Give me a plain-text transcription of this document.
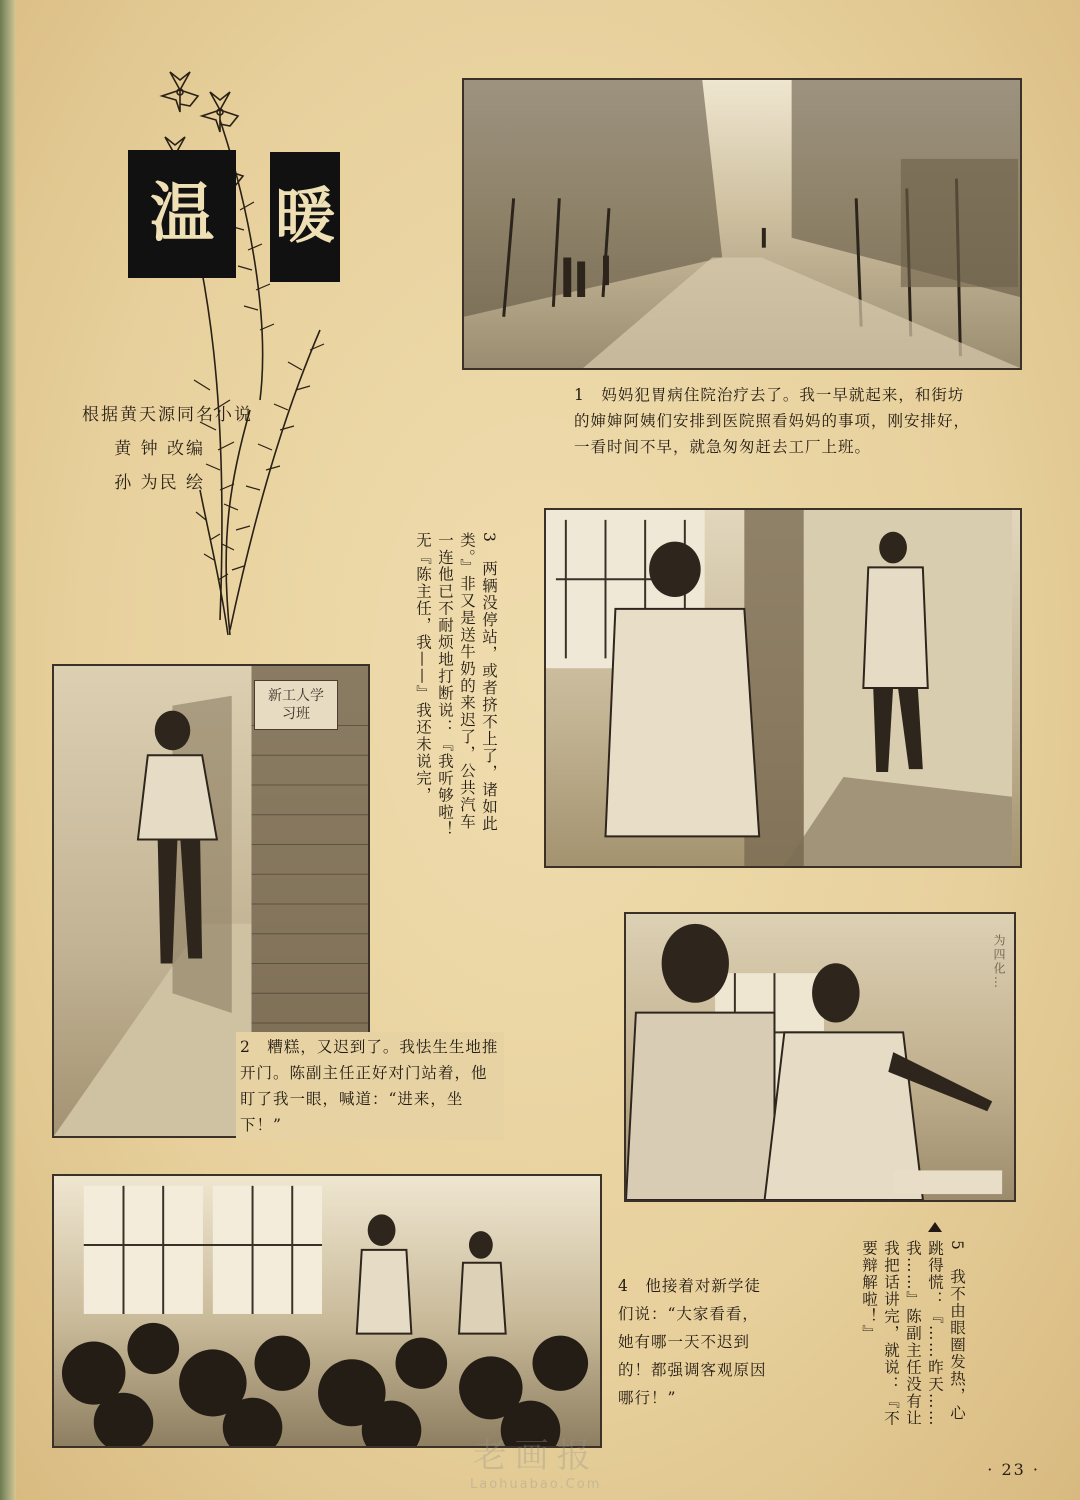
温	暖
根据黄天源同名小说
黄 钟 改编
孙 为民 绘
1　妈妈犯胃病住院治疗去了。我一早就起来，和街坊的婶婶阿姨们安排到医院照看妈妈的事项，刚安排好，一看时间不早，就急匆匆赶去工厂上班。
新工人学习班
2　糟糕，又迟到了。我怯生生地推开门。陈副主任正好对门站着，他盯了我一眼，喊道：“进来，坐下！”
3　两辆没停站，或者挤不上了，诸如此类。』非又是送牛奶的来迟了，公共汽车一连他已不耐烦地打断说：『我听够啦！无『陈主任，我——』我还未说完，
为四化…
4　他接着对新学徒们说：“大家看看，她有哪一天不迟到的！都强调客观原因哪行！”	5　我不由眼圈发热，心跳得慌：『……昨天……我……』陈副主任没有让我把话讲完，就说：『不要辩解啦！』
老画报
Laohuabao.Com
· 23 ·
